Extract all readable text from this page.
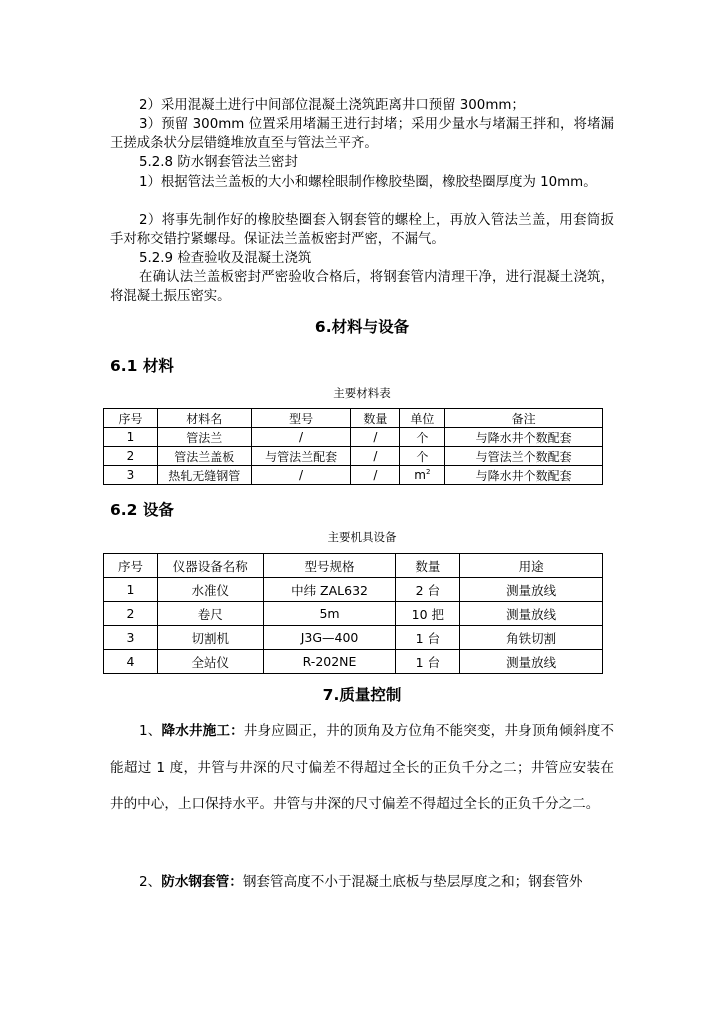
2）采用混凝土进行中间部位混凝土浇筑距离井口预留 300mm；

3）预留 300mm 位置采用堵漏王进行封堵；采用少量水与堵漏王拌和，将堵漏王搓成条状分层错缝堆放直至与管法兰平齐。

5.2.8 防水钢套管法兰密封

1）根据管法兰盖板的大小和螺栓眼制作橡胶垫圈，橡胶垫圈厚度为 10mm。

2）将事先制作好的橡胶垫圈套入钢套管的螺栓上，再放入管法兰盖，用套筒扳手对称交错拧紧螺母。保证法兰盖板密封严密，不漏气。

5.2.9 检查验收及混凝土浇筑

在确认法兰盖板密封严密验收合格后，将钢套管内清理干净，进行混凝土浇筑，将混凝土振压密实。

6.材料与设备
6.1 材料
主要材料表
序号	材料名	型号	数量	单位	备注
1	管法兰	/	/	个	与降水井个数配套
2	管法兰盖板	与管法兰配套	/	个	与管法兰个数配套
3	热轧无缝钢管	/	/	$m^2$	与降水井个数配套
6.2 设备
主要机具设备
序号	仪器设备名称	型号规格	数量	用途
1	水准仪	中纬 ZAL632	2 台	测量放线
2	卷尺	5m	10 把	测量放线
3	切割机	J3G—400	1 台	角铁切割
4	全站仪	R-202NE	1 台	测量放线
7.质量控制

1、降水井施工：井身应圆正，井的顶角及方位角不能突变，井身顶角倾斜度不能超过 1 度，井管与井深的尺寸偏差不得超过全长的正负千分之二；井管应安装在井的中心，上口保持水平。井管与井深的尺寸偏差不得超过全长的正负千分之二。

2、防水钢套管：钢套管高度不小于混凝土底板与垫层厚度之和；钢套管外
